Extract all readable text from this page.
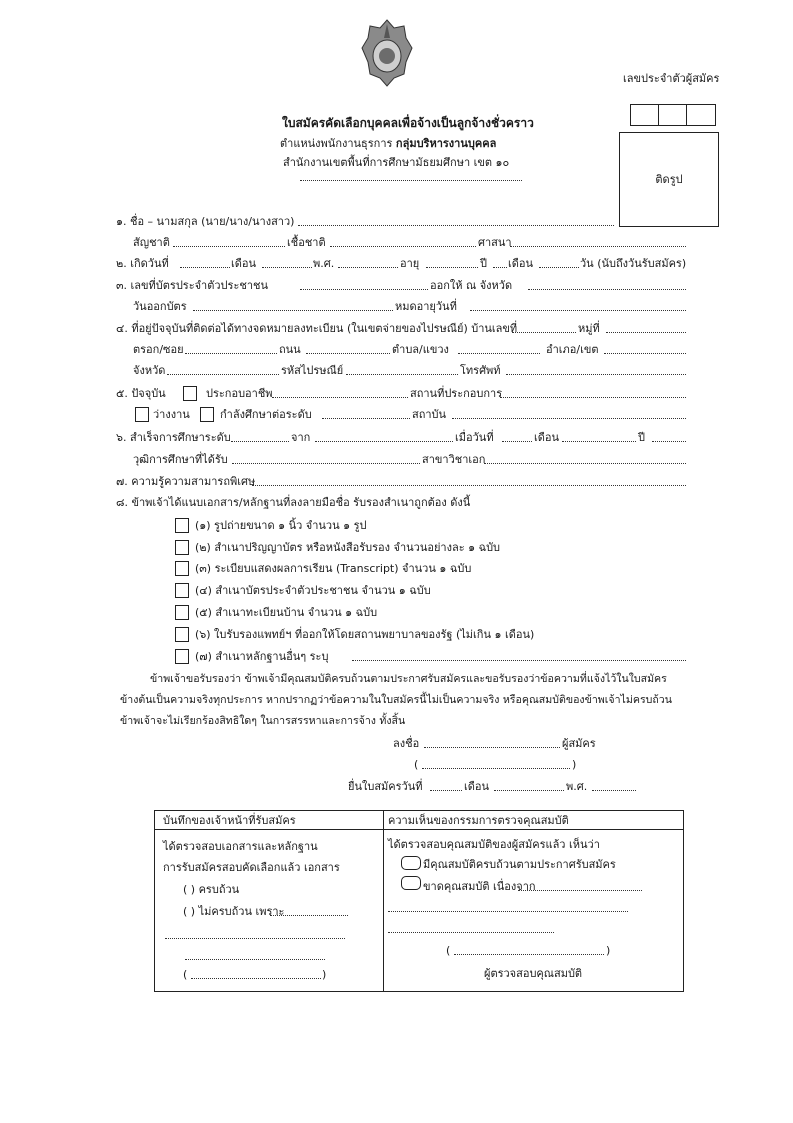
เลขประจำตัวผู้สมัคร
ใบสมัครคัดเลือกบุคคลเพื่อจ้างเป็นลูกจ้างชั่วคราว
ตำแหน่งพนักงานธุรการ กลุ่มบริหารงานบุคคล
สำนักงานเขตพื้นที่การศึกษามัธยมศึกษา เขต ๑๐
ติดรูป
๑. ชื่อ – นามสกุล (นาย/นาง/นางสาว)
สัญชาติ	เชื้อชาติ	ศาสนา
๒. เกิดวันที่	เดือน	พ.ศ.	อายุ	ปี เดือน	วัน (นับถึงวันรับสมัคร)
๓. เลขที่บัตรประจำตัวประชาชน	ออกให้ ณ จังหวัด
วันออกบัตร	หมดอายุวันที่
๔. ที่อยู่ปัจจุบันที่ติดต่อได้ทางจดหมายลงทะเบียน (ในเขตจ่ายของไปรษณีย์) บ้านเลขที่	หมู่ที่
ตรอก/ซอย	ถนน	ตำบล/แขวง	อำเภอ/เขต
จังหวัด	รหัสไปรษณีย์	โทรศัพท์
๕. ปัจจุบัน	ประกอบอาชีพ	สถานที่ประกอบการ
ว่างงาน	กำลังศึกษาต่อระดับ	สถาบัน
๖. สำเร็จการศึกษาระดับ	จาก	เมื่อวันที่	เดือน	ปี
วุฒิการศึกษาที่ได้รับ	สาขาวิชาเอก
๗. ความรู้ความสามารถพิเศษ
๘. ข้าพเจ้าได้แนบเอกสาร/หลักฐานที่ลงลายมือชื่อ รับรองสำเนาถูกต้อง ดังนี้
(๑) รูปถ่ายขนาด ๑ นิ้ว จำนวน ๑ รูป
(๒) สำเนาปริญญาบัตร หรือหนังสือรับรอง จำนวนอย่างละ ๑ ฉบับ
(๓) ระเบียบแสดงผลการเรียน (Transcript) จำนวน ๑ ฉบับ
(๔) สำเนาบัตรประจำตัวประชาชน จำนวน ๑ ฉบับ
(๕) สำเนาทะเบียนบ้าน จำนวน ๑ ฉบับ
(๖) ใบรับรองแพทย์ฯ ที่ออกให้โดยสถานพยาบาลของรัฐ (ไม่เกิน ๑ เดือน)
(๗) สำเนาหลักฐานอื่นๆ ระบุ
ข้าพเจ้าขอรับรองว่า ข้าพเจ้ามีคุณสมบัติครบถ้วนตามประกาศรับสมัครและขอรับรองว่าข้อความที่แจ้งไว้ในใบสมัคร
ข้างต้นเป็นความจริงทุกประการ หากปรากฏว่าข้อความในใบสมัครนี้ไม่เป็นความจริง หรือคุณสมบัติของข้าพเจ้าไม่ครบถ้วน
ข้าพเจ้าจะไม่เรียกร้องสิทธิใดๆ ในการสรรหาและการจ้าง ทั้งสิ้น
ลงชื่อ	ผู้สมัคร
(	)
ยื่นใบสมัครวันที่	เดือน	พ.ศ.
บันทึกของเจ้าหน้าที่รับสมัคร
ได้ตรวจสอบเอกสารและหลักฐาน
การรับสมัครสอบคัดเลือกแล้ว เอกสาร
( ) ครบถ้วน
( ) ไม่ครบถ้วน เพราะ
(	)
ความเห็นของกรรมการตรวจคุณสมบัติ
ได้ตรวจสอบคุณสมบัติของผู้สมัครแล้ว เห็นว่า
มีคุณสมบัติครบถ้วนตามประกาศรับสมัคร
ขาดคุณสมบัติ เนื่องจาก
(	)
ผู้ตรวจสอบคุณสมบัติ
